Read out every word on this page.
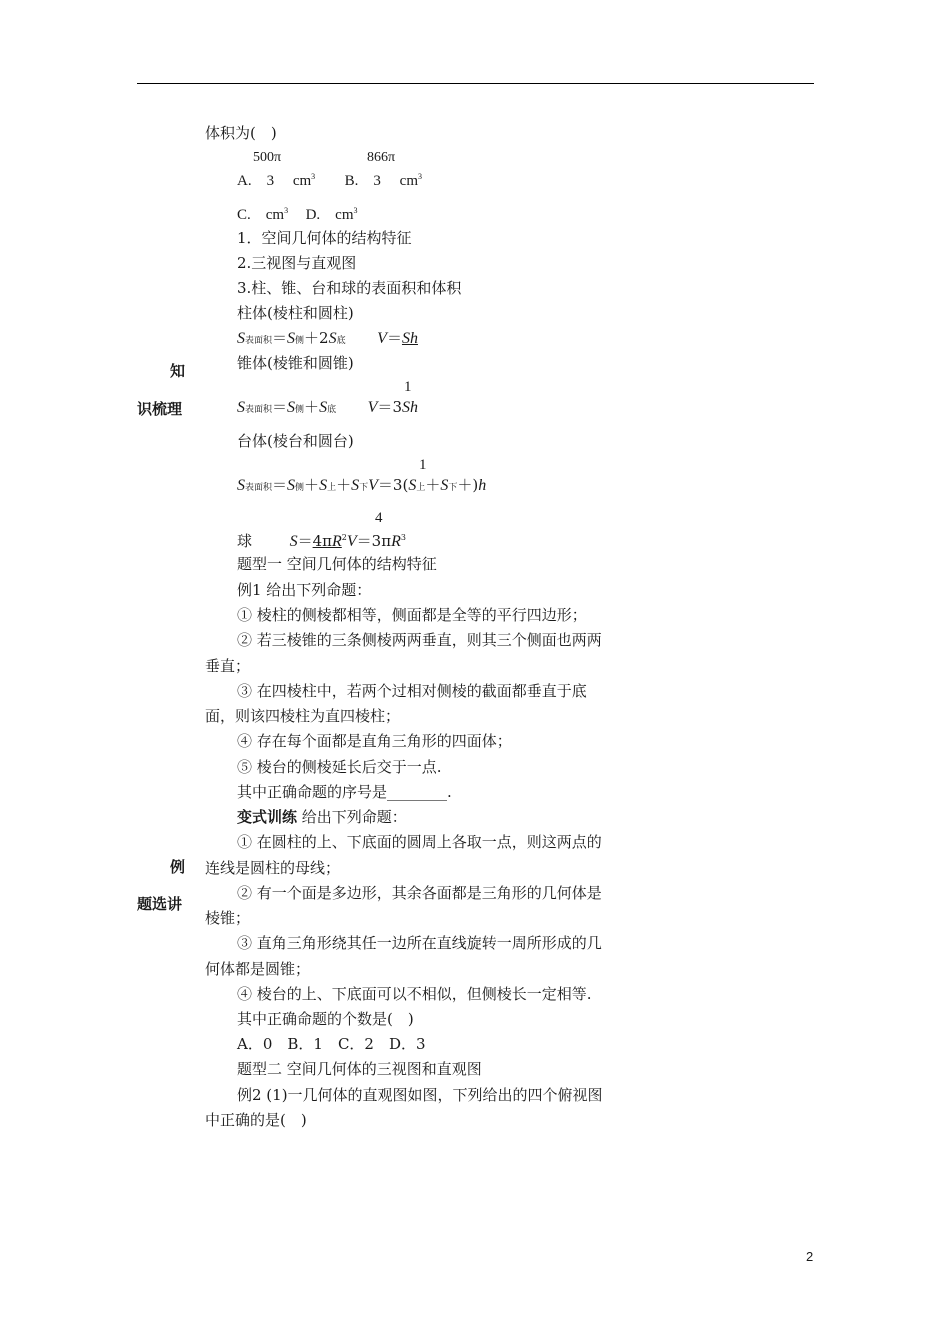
知
识梳理
例
题选讲
体积为(　)
500π	866π
A.　3　 $cm^3$ B.　3　 $cm^3$
C.　$cm^3$ D.　$cm^3$
1．空间几何体的结构特征
2.三视图与直观图
3.柱、锥、台和球的表面积和体积
柱体(棱柱和圆柱)
S表面积＝S侧＋2S底 V＝Sh
锥体(棱锥和圆锥)
1
S表面积＝S侧＋S底 V＝3Sh
台体(棱台和圆台)
1
S表面积＝S侧＋S上＋S下V＝3(S上＋S下＋)h
4
球 $S=4\pi R^2V=3\pi R^3$
题型一 空间几何体的结构特征
例1 给出下列命题：
① 棱柱的侧棱都相等，侧面都是全等的平行四边形；
② 若三棱锥的三条侧棱两两垂直，则其三个侧面也两两
垂直；
③ 在四棱柱中，若两个过相对侧棱的截面都垂直于底
面，则该四棱柱为直四棱柱；
④ 存在每个面都是直角三角形的四面体；
⑤ 棱台的侧棱延长后交于一点.
其中正确命题的序号是________.
变式训练 给出下列命题：
① 在圆柱的上、下底面的圆周上各取一点，则这两点的
连线是圆柱的母线；
② 有一个面是多边形，其余各面都是三角形的几何体是
棱锥；
③ 直角三角形绕其任一边所在直线旋转一周所形成的几
何体都是圆锥；
④ 棱台的上、下底面可以不相似，但侧棱长一定相等.
其中正确命题的个数是(　)
A．0　B．1　C．2　D．3
题型二 空间几何体的三视图和直观图
例2 (1)一几何体的直观图如图，下列给出的四个俯视图
中正确的是(　)
2
